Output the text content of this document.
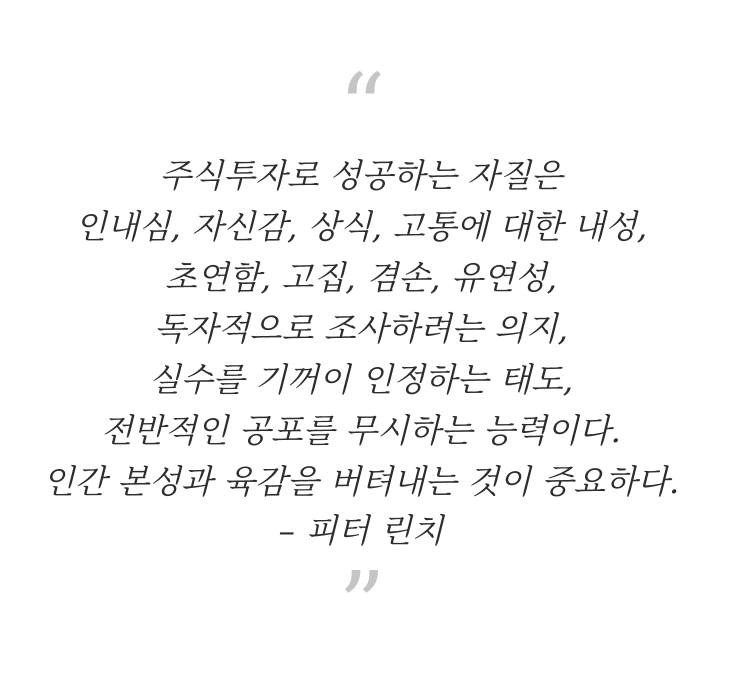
“
주식투자로 성공하는 자질은
인내심, 자신감, 상식, 고통에 대한 내성,
초연함, 고집, 겸손, 유연성,
독자적으로 조사하려는 의지,
실수를 기꺼이 인정하는 태도,
전반적인 공포를 무시하는 능력이다.
인간 본성과 육감을 버텨내는 것이 중요하다.
– 피터 린치
”
